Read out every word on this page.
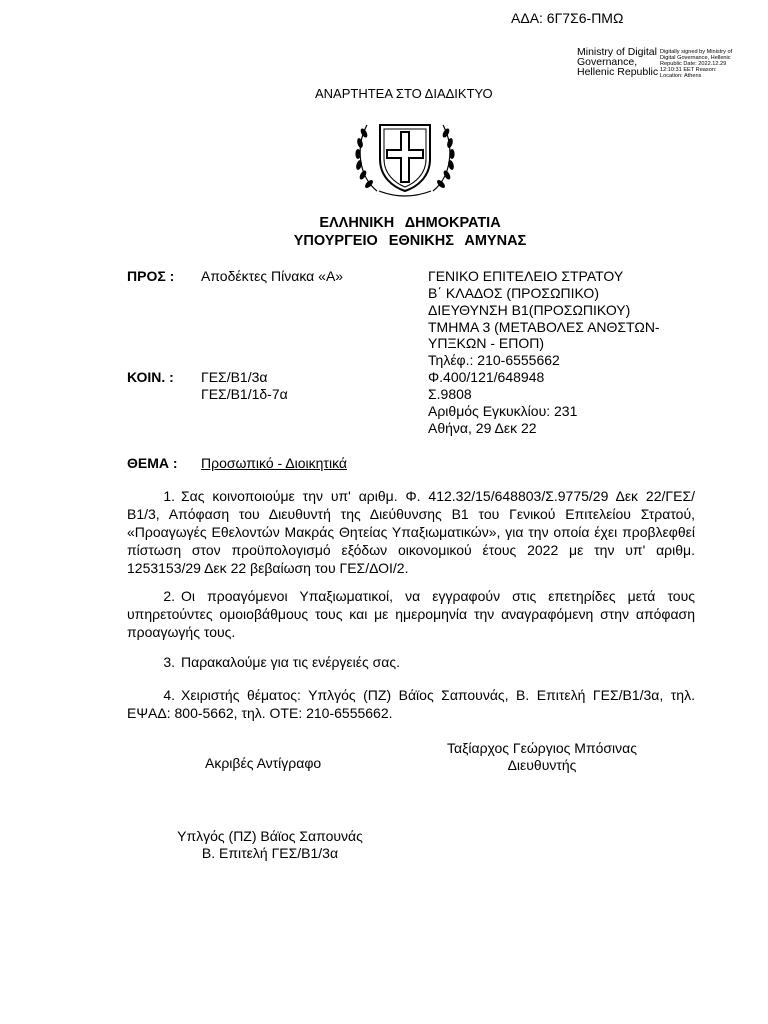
ΑΔΑ: 6Γ7Σ6-ΠΜΩ
Ministry of Digital Governance, Hellenic Republic
Digitally signed by Ministry of Digital Governance, Hellenic Republic Date: 2022.12.29 12:10:31 EET Reason: Location: Athens
ΑΝΑΡΤΗΤΕΑ ΣΤΟ ΔΙΑΔΙΚΤΥΟ
ΕΛΛΗΝΙΚΗ ΔΗΜΟΚΡΑΤΙΑ
ΥΠΟΥΡΓΕΙΟ ΕΘΝΙΚΗΣ ΑΜΥΝΑΣ
ΠΡΟΣ : Αποδέκτες Πίνακα «Α»	ΓΕΝΙΚΟ ΕΠΙΤΕΛΕΙΟ ΣΤΡΑΤΟΥ
Β΄ ΚΛΑΔΟΣ (ΠΡΟΣΩΠΙΚΟ)
ΔΙΕΥΘΥΝΣΗ Β1(ΠΡΟΣΩΠΙΚΟΥ)
ΤΜΗΜΑ 3 (ΜΕΤΑΒΟΛΕΣ ΑΝΘΣΤΩΝ-
ΥΠΞΚΩΝ - ΕΠΟΠ)
Τηλέφ.: 210-6555662
Φ.400/121/648948
Σ.9808
Αριθμός Εγκυκλίου: 231
Αθήνα, 29 Δεκ 22
ΚΟΙΝ. : ΓΕΣ/Β1/3α
ΓΕΣ/Β1/1δ-7α
ΘΕΜΑ : Προσωπικό - Διοικητικά
1. Σας κοινοποιούμε την υπ' αριθμ. Φ. 412.32/15/648803/Σ.9775/29 Δεκ 22/ΓΕΣ/Β1/3, Απόφαση του Διευθυντή της Διεύθυνσης Β1 του Γενικού Επιτελείου Στρατού, «Προαγωγές Εθελοντών Μακράς Θητείας Υπαξιωματικών», για την οποία έχει προβλεφθεί πίστωση στον προϋπολογισμό εξόδων οικονομικού έτους 2022 με την υπ' αριθμ. 1253153/29 Δεκ 22 βεβαίωση του ΓΕΣ/ΔΟΙ/2.
2. Οι προαγόμενοι Υπαξιωματικοί, να εγγραφούν στις επετηρίδες μετά τους υπηρετούντες ομοιοβάθμους τους και με ημερομηνία την αναγραφόμενη στην απόφαση προαγωγής τους.
3. Παρακαλούμε για τις ενέργειές σας.
4. Χειριστής θέματος: Υπλγός (ΠΖ) Βάϊος Σαπουνάς, Β. Επιτελή ΓΕΣ/Β1/3α, τηλ. ΕΨΑΔ: 800-5662, τηλ. ΟΤΕ: 210-6555662.
Ταξίαρχος Γεώργιος Μπόσινας
Διευθυντής
Ακριβές Αντίγραφο
Υπλγός (ΠΖ) Βάϊος Σαπουνάς
Β. Επιτελή ΓΕΣ/Β1/3α
